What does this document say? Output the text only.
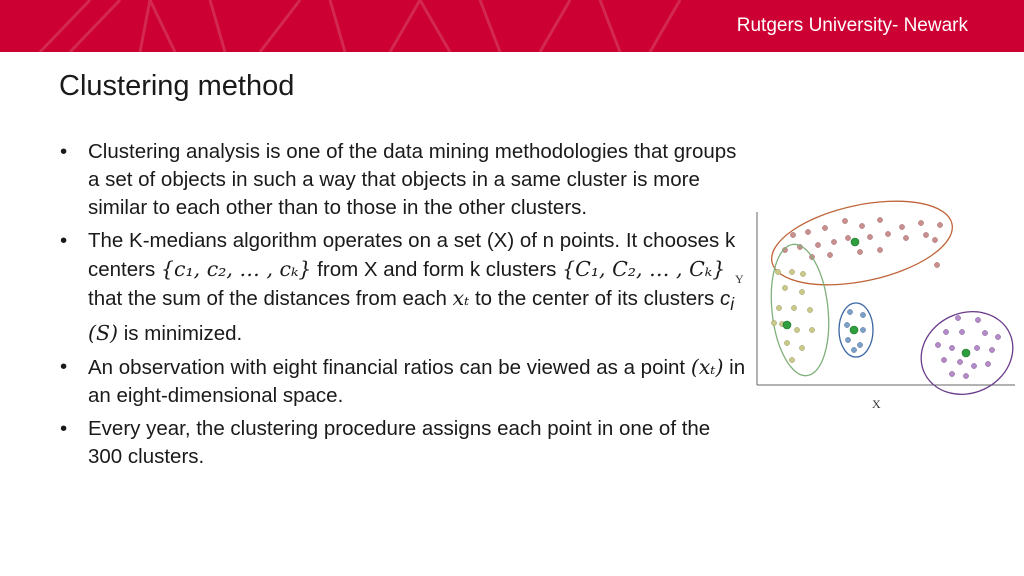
Rutgers University- Newark
Clustering method
• Clustering analysis is one of the data mining methodologies that groups a set of objects in such a way that objects in a same cluster is more similar to each other than to those in the other clusters.
• The K-medians algorithm operates on a set (X) of n points. It chooses k centers {c₁, c₂, … , cₖ} from X and form k clusters {C₁, C₂, … , Cₖ} that the sum of the distances from each xₜ to the center of its clusters $c_i$ (S) is minimized.
• An observation with eight financial ratios can be viewed as a point (xₜ) in an eight-dimensional space.
• Every year, the clustering procedure assigns each point in one of the 300 clusters.
Y
X
